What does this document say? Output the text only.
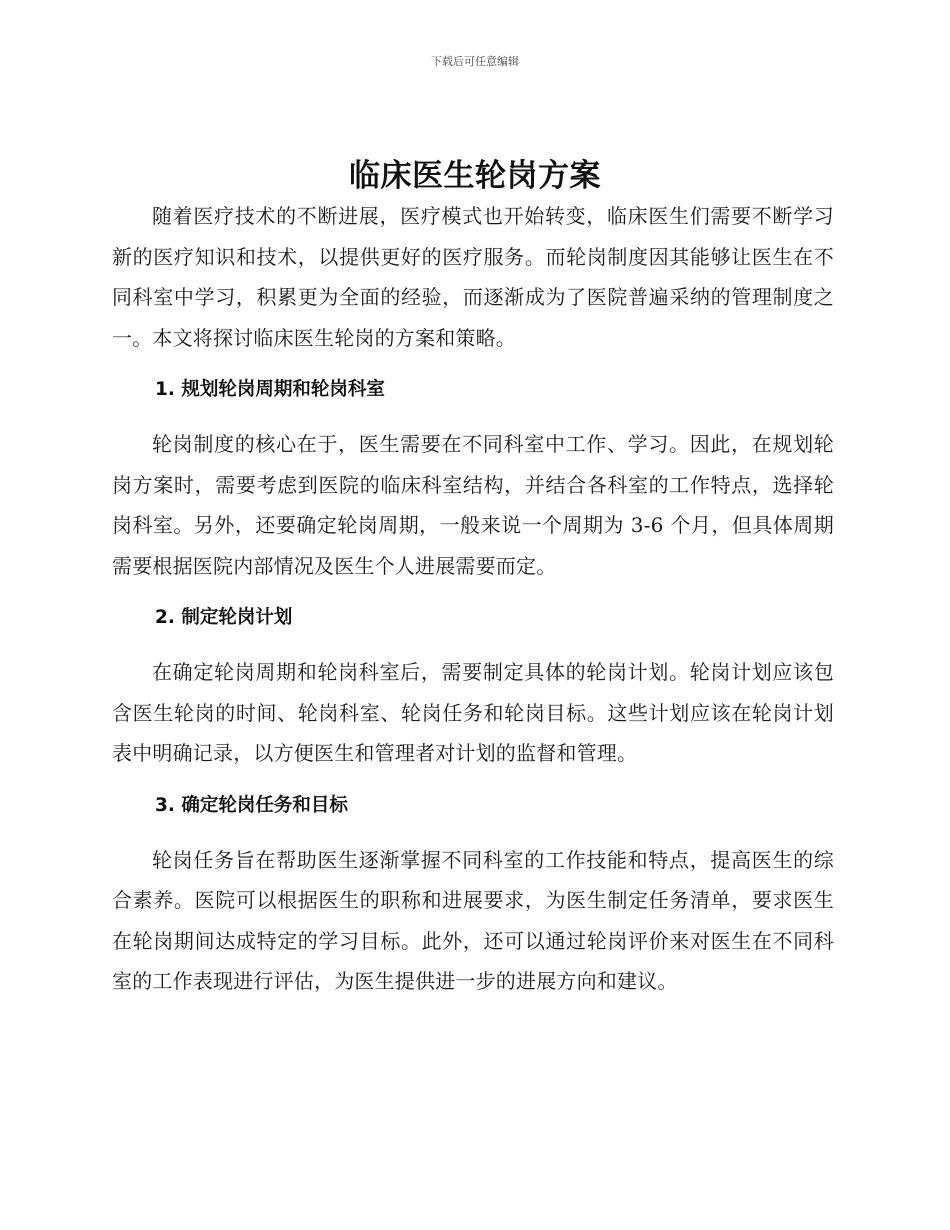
下载后可任意编辑
临床医生轮岗方案

随着医疗技术的不断进展，医疗模式也开始转变，临床医生们需要不断学习新的医疗知识和技术，以提供更好的医疗服务。而轮岗制度因其能够让医生在不同科室中学习，积累更为全面的经验，而逐渐成为了医院普遍采纳的管理制度之一。本文将探讨临床医生轮岗的方案和策略。

1. 规划轮岗周期和轮岗科室

轮岗制度的核心在于，医生需要在不同科室中工作、学习。因此，在规划轮岗方案时，需要考虑到医院的临床科室结构，并结合各科室的工作特点，选择轮岗科室。另外，还要确定轮岗周期，一般来说一个周期为 3-6 个月，但具体周期需要根据医院内部情况及医生个人进展需要而定。

2. 制定轮岗计划

在确定轮岗周期和轮岗科室后，需要制定具体的轮岗计划。轮岗计划应该包含医生轮岗的时间、轮岗科室、轮岗任务和轮岗目标。这些计划应该在轮岗计划表中明确记录，以方便医生和管理者对计划的监督和管理。

3. 确定轮岗任务和目标

轮岗任务旨在帮助医生逐渐掌握不同科室的工作技能和特点，提高医生的综合素养。医院可以根据医生的职称和进展要求，为医生制定任务清单，要求医生在轮岗期间达成特定的学习目标。此外，还可以通过轮岗评价来对医生在不同科室的工作表现进行评估，为医生提供进一步的进展方向和建议。
